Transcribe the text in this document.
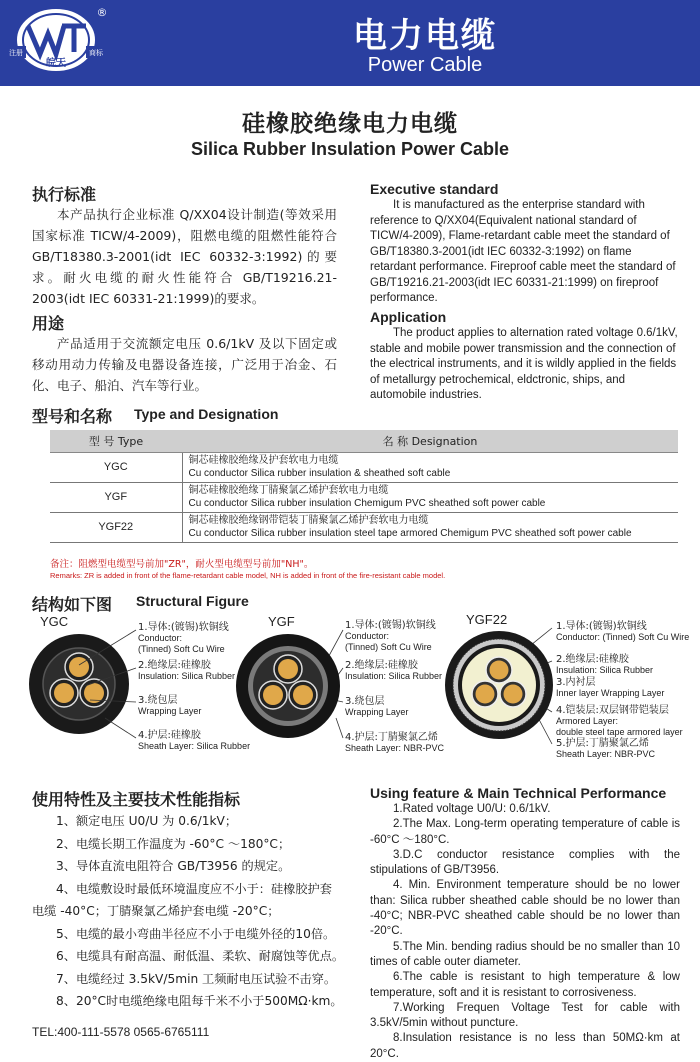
注册	商标
皖天
®
电力电缆
Power Cable
硅橡胶绝缘电力电缆
Silica Rubber Insulation Power Cable
执行标准
本产品执行企业标准 Q/XX04设计制造(等效采用国家标准 TICW/4-2009)，阻燃电缆的阻燃性能符合 GB/T18380.3-2001(idt IEC 60332-3:1992)的要求。耐火电缆的耐火性能符合 GB/T19216.21-2003(idt IEC 60331-21:1999)的要求。
Executive standard
It is manufactured as the enterprise standard with reference to Q/XX04(Equivalent national standard of TICW/4-2009), Flame-retardant cable meet the standard of GB/T18380.3-2001(idt IEC 60332-3:1992) on flame retardant performance. Fireproof cable meet the standard of GB/T19216.21-2003(idt IEC 60331-21:1999) on fireproof performance.
用途
产品适用于交流额定电压 0.6/1kV 及以下固定或移动用动力传输及电器设备连接，广泛用于冶金、石化、电子、船泊、汽车等行业。
Application
The product applies to alternation rated voltage 0.6/1kV, stable and mobile power transmission and the connection of the electrical instruments, and it is wildly applied in the fields of metallurgy petrochemical, eldctronic, ships, and automobile industries.
型号和名称 Type and Designation
型 号 Type	名 称 Designation
YGC	铜芯硅橡胶绝缘及护套软电力电缆
Cu conductor Silica rubber insulation & sheathed soft cable

YGF	铜芯硅橡胶绝缘丁腈聚氯乙烯护套软电力电缆
Cu conductor Silica rubber insulation Chemigum PVC sheathed soft power cable

YGF22	铜芯硅橡胶绝缘钢带铠装丁腈聚氯乙烯护套软电力电缆
Cu conductor Silica rubber insulation steel tape armored Chemigum PVC sheathed soft power cable
备注：阻燃型电缆型号前加"ZR"，耐火型电缆型号前加"NH"。
Remarks: ZR is added in front of the flame-retardant cable model, NH is added in front of the fire-resistant cable model.
结构如下图 Structural Figure
YGC	1.导体:(镀锡)软铜线
Conductor:
(Tinned) Soft Cu Wire
2.绝缘层:硅橡胶
Insulation: Silica Rubber
3.绕包层
Wrapping Layer
4.护层:硅橡胶
Sheath Layer: Silica Rubber
YGF	1.导体:(镀锡)软铜线
Conductor:
(Tinned) Soft Cu Wire
2.绝缘层:硅橡胶
Insulation: Silica Rubber
3.绕包层
Wrapping Layer
4.护层:丁腈聚氯乙烯
Sheath Layer: NBR-PVC
YGF22	1.导体:(镀锡)软铜线
Conductor: (Tinned) Soft Cu Wire
2.绝缘层:硅橡胶
Insulation: Silica Rubber
3.内衬层
Inner layer Wrapping Layer
4.铠装层:双层钢带铠装层
Armored Layer:
double steel tape armored layer
5.护层:丁腈聚氯乙烯
Sheath Layer: NBR-PVC
使用特性及主要技术性能指标
1、额定电压 U0/U 为 0.6/1kV；
2、电缆长期工作温度为 -60°C ～180°C；
3、导体直流电阻符合 GB/T3956 的规定。
4、电缆敷设时最低环境温度应不小于：硅橡胶护套
电缆 -40°C；丁腈聚氯乙烯护套电缆 -20°C；
5、电缆的最小弯曲半径应不小于电缆外径的10倍。
6、电缆具有耐高温、耐低温、柔软、耐腐蚀等优点。
7、电缆经过 3.5kV/5min 工频耐电压试验不击穿。
8、20°C时电缆绝缘电阻每千米不小于500MΩ·km。
Using feature & Main Technical Performance
1.Rated voltage U0/U: 0.6/1kV.
2.The Max. Long-term operating temperature of cable is -60°C ～180°C.
3.D.C conductor resistance complies with the stipulations of GB/T3956.
4. Min. Environment temperature should be no lower than: Silica rubber sheathed cable should be no lower than -40°C; NBR-PVC sheathed cable should be no lower than -20°C.
5.The Min. bending radius should be no smaller than 10 times of cable outer diameter.
6.The cable is resistant to high temperature & low temperature, soft and it is resistant to corrosiveness.
7.Working Frequen Voltage Test for cable with 3.5kV/5min without puncture.
8.Insulation resistance is no less than 50MΩ·km at 20°C.
TEL:400-111-5578 0565-6765111
